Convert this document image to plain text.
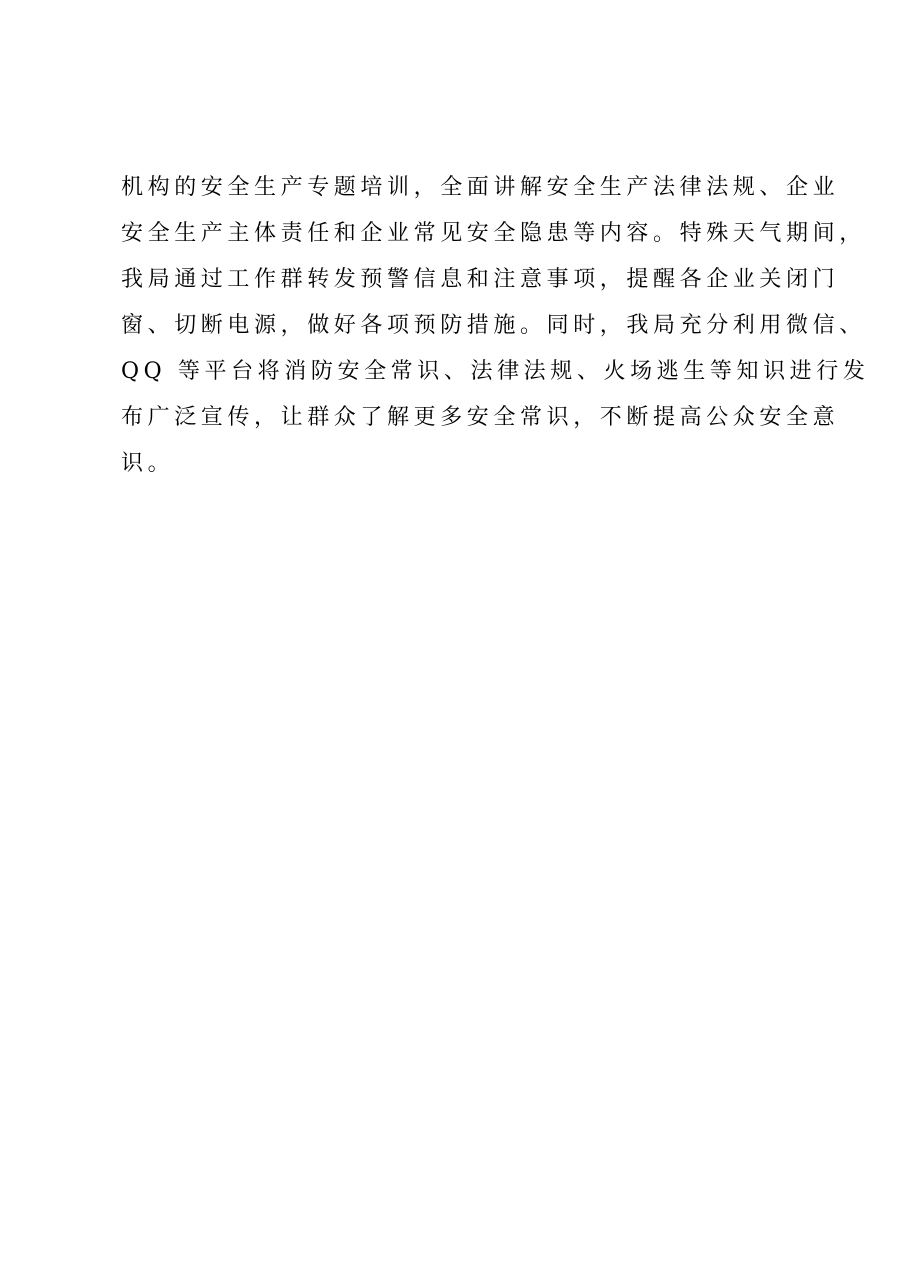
机构的安全生产专题培训，全面讲解安全生产法律法规、企业
安全生产主体责任和企业常见安全隐患等内容。特殊天气期间，
我局通过工作群转发预警信息和注意事项，提醒各企业关闭门
窗、切断电源，做好各项预防措施。同时，我局充分利用微信、
QQ 等平台将消防安全常识、法律法规、火场逃生等知识进行发
布广泛宣传，让群众了解更多安全常识，不断提高公众安全意
识。
